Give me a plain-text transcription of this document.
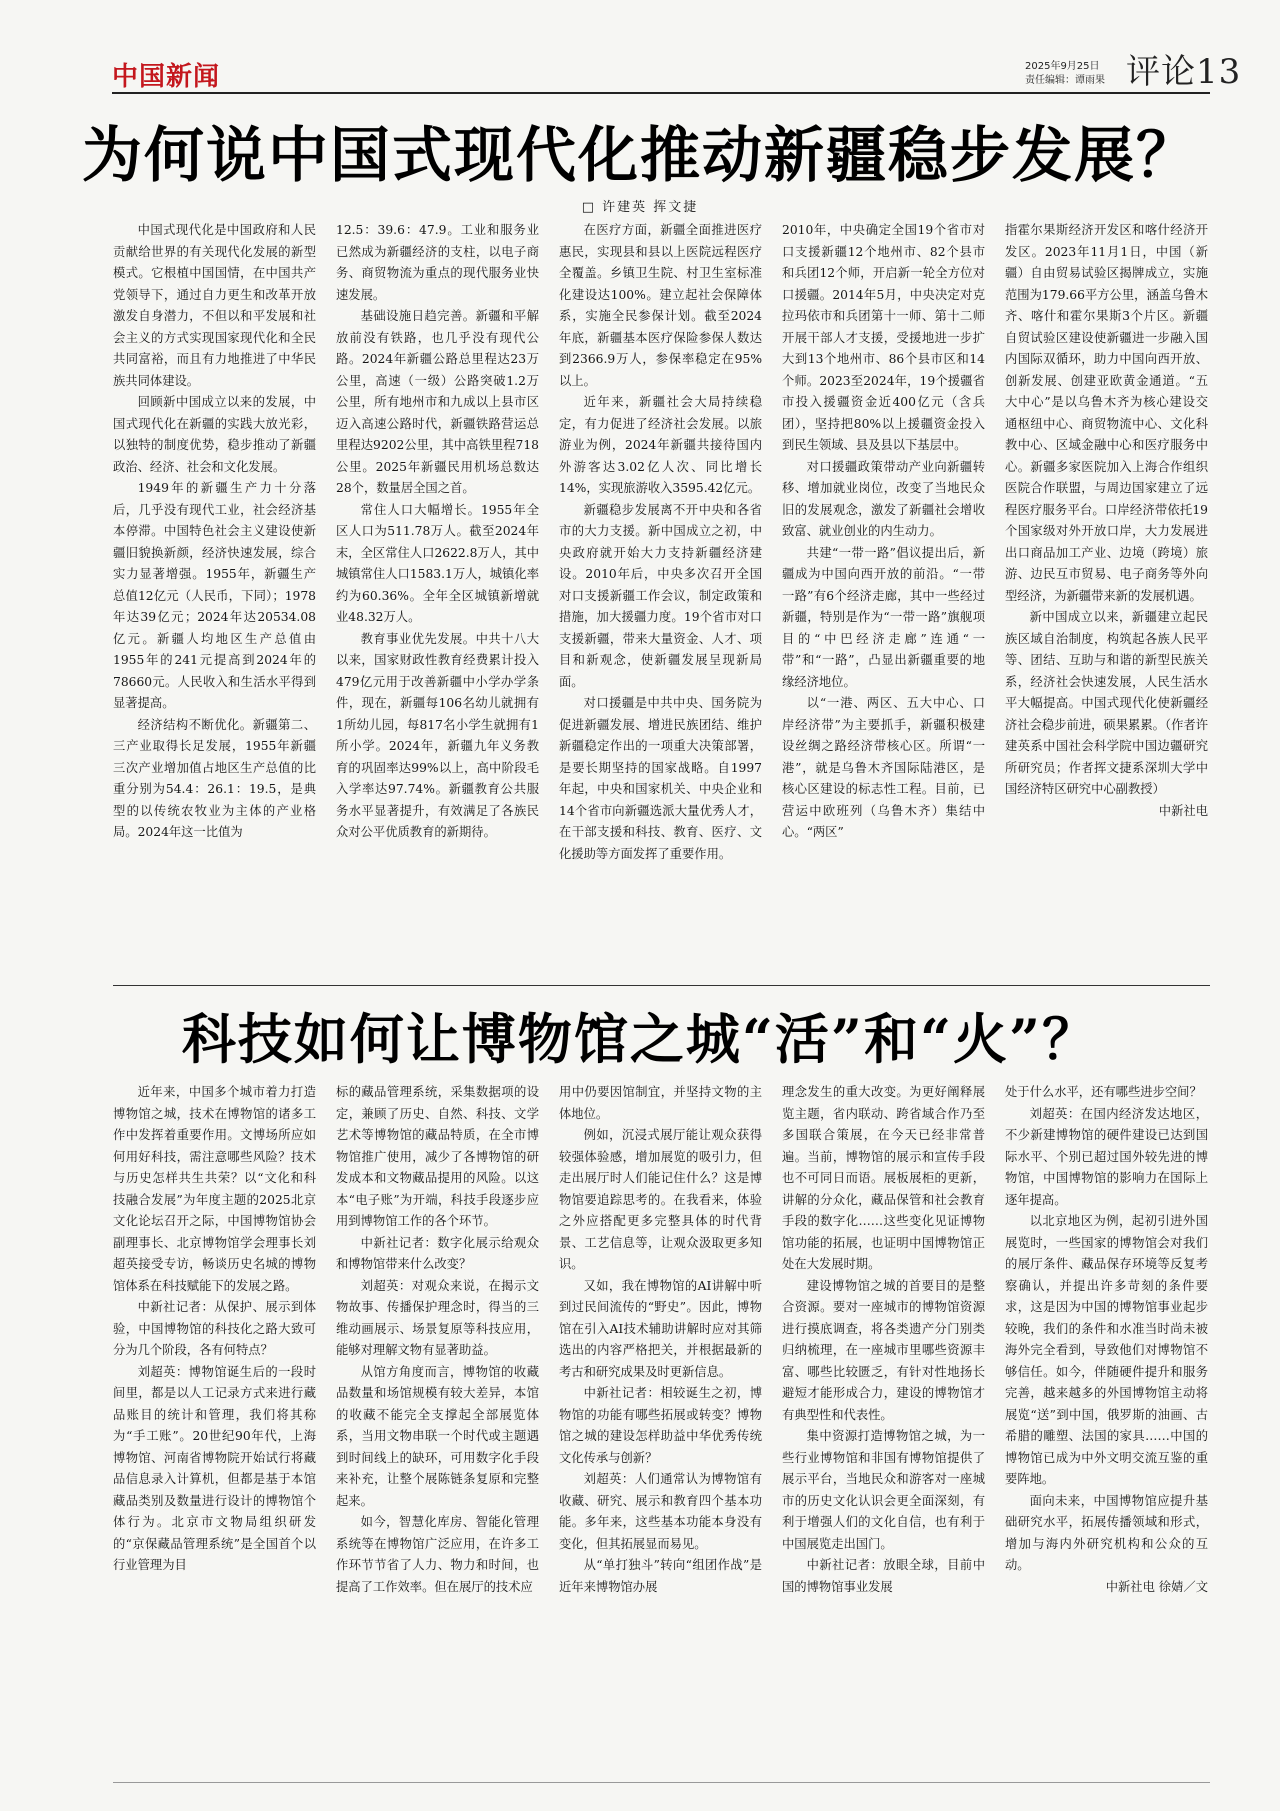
中国新闻	2025年9月25日
责任编辑：谭雨果 评论13
为何说中国式现代化推动新疆稳步发展？
□ 许建英 挥文捷

中国式现代化是中国政府和人民贡献给世界的有关现代化发展的新型模式。它根植中国国情，在中国共产党领导下，通过自力更生和改革开放激发自身潜力，不但以和平发展和社会主义的方式实现国家现代化和全民共同富裕，而且有力地推进了中华民族共同体建设。

回顾新中国成立以来的发展，中国式现代化在新疆的实践大放光彩，以独特的制度优势，稳步推动了新疆政治、经济、社会和文化发展。

1949年的新疆生产力十分落后，几乎没有现代工业，社会经济基本停滞。中国特色社会主义建设使新疆旧貌换新颜，经济快速发展，综合实力显著增强。1955年，新疆生产总值12亿元（人民币，下同）；1978年达39亿元；2024年达20534.08亿元。新疆人均地区生产总值由1955年的241元提高到2024年的78660元。人民收入和生活水平得到显著提高。

经济结构不断优化。新疆第二、三产业取得长足发展，1955年新疆三次产业增加值占地区生产总值的比重分别为54.4：26.1：19.5，是典型的以传统农牧业为主体的产业格局。2024年这一比值为

12.5：39.6：47.9。工业和服务业已然成为新疆经济的支柱，以电子商务、商贸物流为重点的现代服务业快速发展。

基础设施日趋完善。新疆和平解放前没有铁路，也几乎没有现代公路。2024年新疆公路总里程达23万公里，高速（一级）公路突破1.2万公里，所有地州市和九成以上县市区迈入高速公路时代，新疆铁路营运总里程达9202公里，其中高铁里程718公里。2025年新疆民用机场总数达28个，数量居全国之首。

常住人口大幅增长。1955年全区人口为511.78万人。截至2024年末，全区常住人口2622.8万人，其中城镇常住人口1583.1万人，城镇化率约为60.36%。全年全区城镇新增就业48.32万人。

教育事业优先发展。中共十八大以来，国家财政性教育经费累计投入479亿元用于改善新疆中小学办学条件，现在，新疆每106名幼儿就拥有1所幼儿园，每817名小学生就拥有1所小学。2024年，新疆九年义务教育的巩固率达99%以上，高中阶段毛入学率达97.74%。新疆教育公共服务水平显著提升，有效满足了各族民众对公平优质教育的新期待。

在医疗方面，新疆全面推进医疗惠民，实现县和县以上医院远程医疗全覆盖。乡镇卫生院、村卫生室标准化建设达100%。建立起社会保障体系，实施全民参保计划。截至2024年底，新疆基本医疗保险参保人数达到2366.9万人，参保率稳定在95%以上。

近年来，新疆社会大局持续稳定，有力促进了经济社会发展。以旅游业为例，2024年新疆共接待国内外游客达3.02亿人次、同比增长14%，实现旅游收入3595.42亿元。

新疆稳步发展离不开中央和各省市的大力支援。新中国成立之初，中央政府就开始大力支持新疆经济建设。2010年后，中央多次召开全国对口支援新疆工作会议，制定政策和措施，加大援疆力度。19个省市对口支援新疆，带来大量资金、人才、项目和新观念，使新疆发展呈现新局面。

对口援疆是中共中央、国务院为促进新疆发展、增进民族团结、维护新疆稳定作出的一项重大决策部署，是要长期坚持的国家战略。自1997年起，中央和国家机关、中央企业和14个省市向新疆选派大量优秀人才，在干部支援和科技、教育、医疗、文化援助等方面发挥了重要作用。

2010年，中央确定全国19个省市对口支援新疆12个地州市、82个县市和兵团12个师，开启新一轮全方位对口援疆。2014年5月，中央决定对克拉玛依市和兵团第十一师、第十二师开展干部人才支援，受援地进一步扩大到13个地州市、86个县市区和14个师。2023至2024年，19个援疆省市投入援疆资金近400亿元（含兵团），坚持把80%以上援疆资金投入到民生领域、县及县以下基层中。

对口援疆政策带动产业向新疆转移、增加就业岗位，改变了当地民众旧的发展观念，激发了新疆社会增收致富、就业创业的内生动力。

共建“一带一路”倡议提出后，新疆成为中国向西开放的前沿。“一带一路”有6个经济走廊，其中一些经过新疆，特别是作为“一带一路”旗舰项目的“中巴经济走廊”连通“一带”和“一路”，凸显出新疆重要的地缘经济地位。

以“一港、两区、五大中心、口岸经济带”为主要抓手，新疆积极建设丝绸之路经济带核心区。所谓“一港”，就是乌鲁木齐国际陆港区，是核心区建设的标志性工程。目前，已营运中欧班列（乌鲁木齐）集结中心。“两区”

指霍尔果斯经济开发区和喀什经济开发区。2023年11月1日，中国（新疆）自由贸易试验区揭牌成立，实施范围为179.66平方公里，涵盖乌鲁木齐、喀什和霍尔果斯3个片区。新疆自贸试验区建设使新疆进一步融入国内国际双循环，助力中国向西开放、创新发展、创建亚欧黄金通道。“五大中心”是以乌鲁木齐为核心建设交通枢纽中心、商贸物流中心、文化科教中心、区域金融中心和医疗服务中心。新疆多家医院加入上海合作组织医院合作联盟，与周边国家建立了远程医疗服务平台。口岸经济带依托19个国家级对外开放口岸，大力发展进出口商品加工产业、边境（跨境）旅游、边民互市贸易、电子商务等外向型经济，为新疆带来新的发展机遇。

新中国成立以来，新疆建立起民族区域自治制度，构筑起各族人民平等、团结、互助与和谐的新型民族关系，经济社会快速发展，人民生活水平大幅提高。中国式现代化使新疆经济社会稳步前进，硕果累累。（作者许建英系中国社会科学院中国边疆研究所研究员；作者挥文捷系深圳大学中国经济特区研究中心副教授）

中新社电
科技如何让博物馆之城“活”和“火”？

近年来，中国多个城市着力打造博物馆之城，技术在博物馆的诸多工作中发挥着重要作用。文博场所应如何用好科技，需注意哪些风险？技术与历史怎样共生共荣？以“文化和科技融合发展”为年度主题的2025北京文化论坛召开之际，中国博物馆协会副理事长、北京博物馆学会理事长刘超英接受专访，畅谈历史名城的博物馆体系在科技赋能下的发展之路。

中新社记者：从保护、展示到体验，中国博物馆的科技化之路大致可分为几个阶段，各有何特点？

刘超英：博物馆诞生后的一段时间里，都是以人工记录方式来进行藏品账目的统计和管理，我们将其称为“手工账”。20世纪90年代，上海博物馆、河南省博物院开始试行将藏品信息录入计算机，但都是基于本馆藏品类别及数量进行设计的博物馆个体行为。北京市文物局组织研发的“京保藏品管理系统”是全国首个以行业管理为目

标的藏品管理系统，采集数据项的设定，兼顾了历史、自然、科技、文学艺术等博物馆的藏品特质，在全市博物馆推广使用，减少了各博物馆的研发成本和文物藏品提用的风险。以这本“电子账”为开端，科技手段逐步应用到博物馆工作的各个环节。

中新社记者：数字化展示给观众和博物馆带来什么改变？

刘超英：对观众来说，在揭示文物故事、传播保护理念时，得当的三维动画展示、场景复原等科技应用，能够对理解文物有显著助益。

从馆方角度而言，博物馆的收藏品数量和场馆规模有较大差异，本馆的收藏不能完全支撑起全部展览体系，当用文物串联一个时代或主题遇到时间线上的缺环，可用数字化手段来补充，让整个展陈链条复原和完整起来。

如今，智慧化库房、智能化管理系统等在博物馆广泛应用，在许多工作环节节省了人力、物力和时间，也提高了工作效率。但在展厅的技术应

用中仍要因馆制宜，并坚持文物的主体地位。

例如，沉浸式展厅能让观众获得较强体验感，增加展览的吸引力，但走出展厅时人们能记住什么？这是博物馆要追踪思考的。在我看来，体验之外应搭配更多完整具体的时代背景、工艺信息等，让观众汲取更多知识。

又如，我在博物馆的AI讲解中听到过民间流传的“野史”。因此，博物馆在引入AI技术辅助讲解时应对其筛选出的内容严格把关，并根据最新的考古和研究成果及时更新信息。

中新社记者：相较诞生之初，博物馆的功能有哪些拓展或转变？博物馆之城的建设怎样助益中华优秀传统文化传承与创新？

刘超英：人们通常认为博物馆有收藏、研究、展示和教育四个基本功能。多年来，这些基本功能本身没有变化，但其拓展显而易见。

从“单打独斗”转向“组团作战”是近年来博物馆办展

理念发生的重大改变。为更好阐释展览主题，省内联动、跨省域合作乃至多国联合策展，在今天已经非常普遍。当前，博物馆的展示和宣传手段也不可同日而语。展板展柜的更新，讲解的分众化，藏品保管和社会教育手段的数字化……这些变化见证博物馆功能的拓展，也证明中国博物馆正处在大发展时期。

建设博物馆之城的首要目的是整合资源。要对一座城市的博物馆资源进行摸底调查，将各类遗产分门别类归纳梳理，在一座城市里哪些资源丰富、哪些比较匮乏，有针对性地扬长避短才能形成合力，建设的博物馆才有典型性和代表性。

集中资源打造博物馆之城，为一些行业博物馆和非国有博物馆提供了展示平台，当地民众和游客对一座城市的历史文化认识会更全面深刻，有利于增强人们的文化自信，也有利于中国展览走出国门。

中新社记者：放眼全球，目前中国的博物馆事业发展

处于什么水平，还有哪些进步空间？

刘超英：在国内经济发达地区，不少新建博物馆的硬件建设已达到国际水平、个别已超过国外较先进的博物馆，中国博物馆的影响力在国际上逐年提高。

以北京地区为例，起初引进外国展览时，一些国家的博物馆会对我们的展厅条件、藏品保存环境等反复考察确认，并提出许多苛刻的条件要求，这是因为中国的博物馆事业起步较晚，我们的条件和水准当时尚未被海外完全看到，导致他们对博物馆不够信任。如今，伴随硬件提升和服务完善，越来越多的外国博物馆主动将展览“送”到中国，俄罗斯的油画、古希腊的雕塑、法国的家具……中国的博物馆已成为中外文明交流互鉴的重要阵地。

面向未来，中国博物馆应提升基础研究水平，拓展传播领域和形式，增加与海内外研究机构和公众的互动。

中新社电 徐婧／文
